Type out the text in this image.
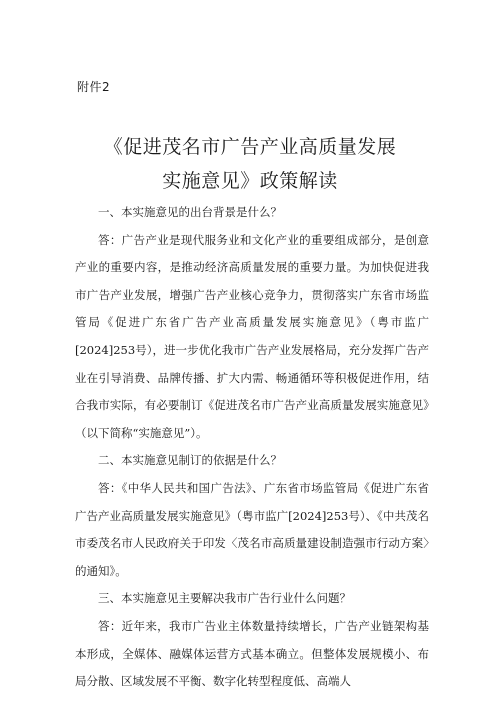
附件2
《促进茂名市广告产业高质量发展
实施意见》政策解读

一、本实施意见的出台背景是什么？

答：广告产业是现代服务业和文化产业的重要组成部分，是创意产业的重要内容，是推动经济高质量发展的重要力量。为加快促进我市广告产业发展，增强广告产业核心竞争力，贯彻落实广东省市场监管局《促进广东省广告产业高质量发展实施意见》（粤市监广[2024]253号），进一步优化我市广告产业发展格局，充分发挥广告产业在引导消费、品牌传播、扩大内需、畅通循环等积极促进作用，结合我市实际，有必要制订《促进茂名市广告产业高质量发展实施意见》（以下简称“实施意见”）。

二、本实施意见制订的依据是什么？

答：《中华人民共和国广告法》、广东省市场监管局《促进广东省广告产业高质量发展实施意见》（粤市监广[2024]253号）、《中共茂名市委茂名市人民政府关于印发〈茂名市高质量建设制造强市行动方案〉的通知》。

三、本实施意见主要解决我市广告行业什么问题？

答：近年来，我市广告业主体数量持续增长，广告产业链架构基本形成，全媒体、融媒体运营方式基本确立。但整体发展规模小、布局分散、区域发展不平衡、数字化转型程度低、高端人
